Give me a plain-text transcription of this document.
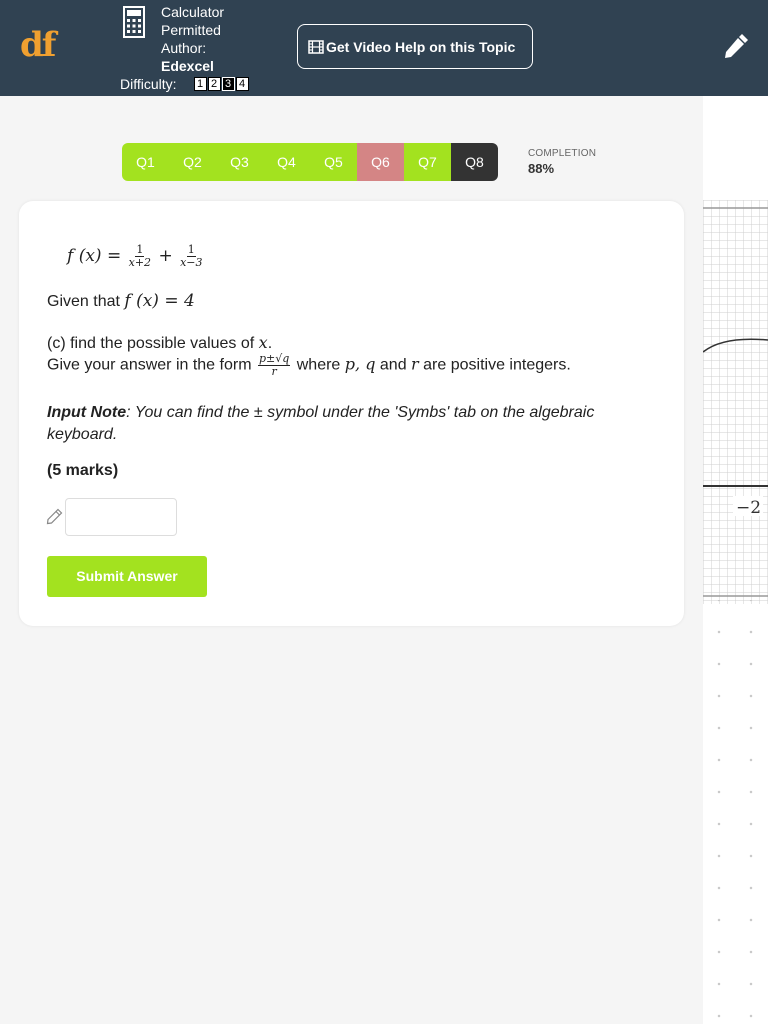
df
Calculator
Permitted
Author:
Edexcel
Difficulty:	1 2 3 4
Get Video Help on this Topic
−2
Q1	Q2	Q3	Q4	Q5	Q6	Q7	Q8
COMPLETION
88%
f $(x) = \frac{1}{x+2} + \frac{1}{x-3}$
Given that f (x) = 4
(c) find the possible values of x.
Give your answer in the form $\frac{p\pm√q}{r}$ where p, q and r are positive integers.
Input Note: You can find the ± symbol under the 'Symbs' tab on the algebraic keyboard.
(5 marks)
Submit Answer
